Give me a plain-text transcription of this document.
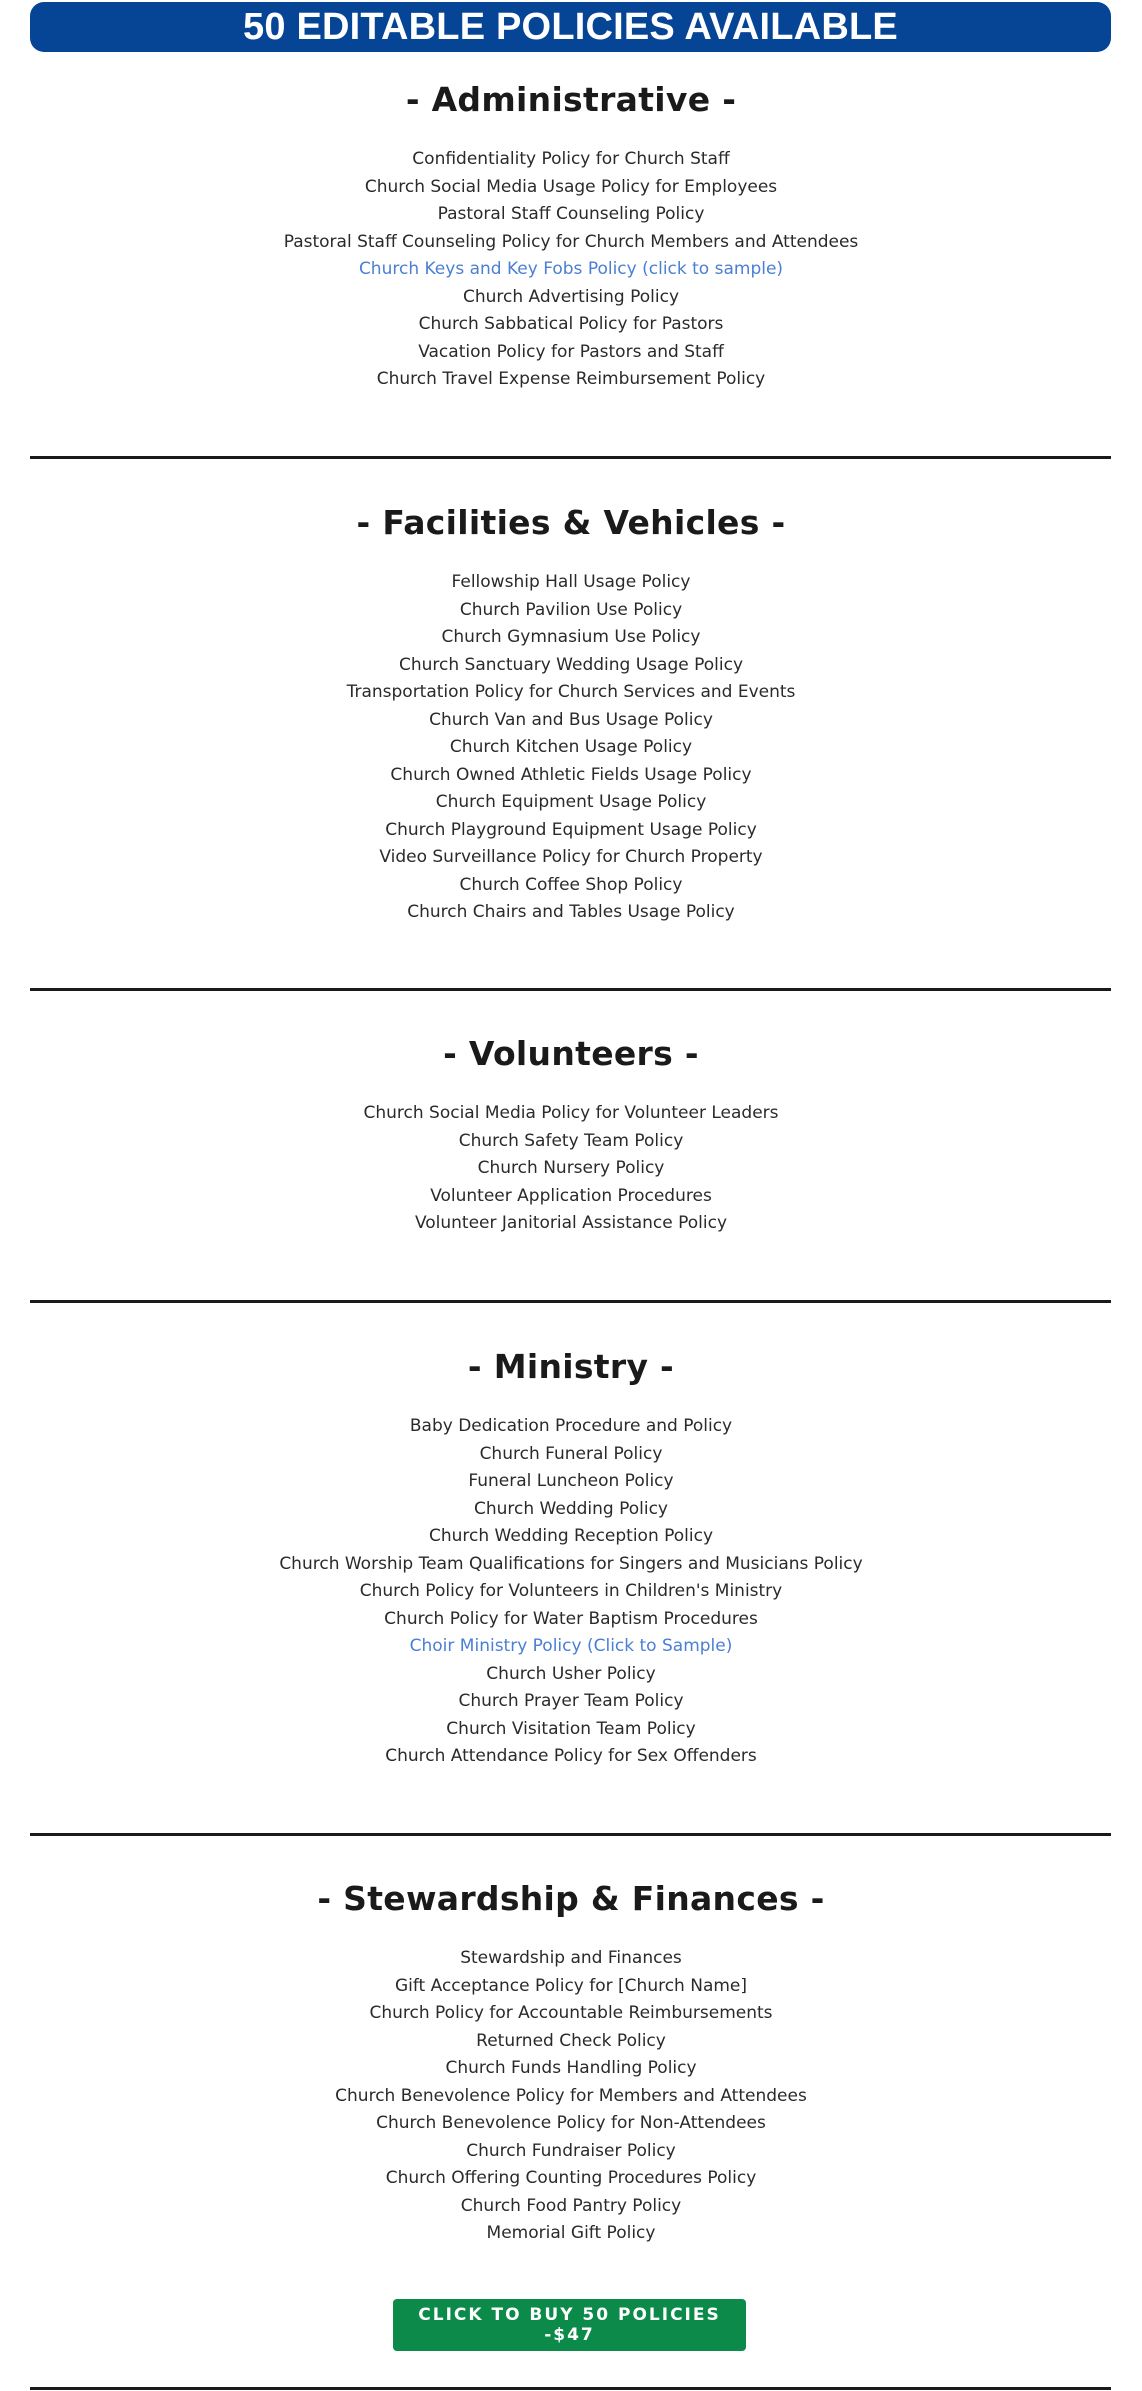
50 EDITABLE POLICIES AVAILABLE
- Administrative -
Confidentiality Policy for Church Staff
Church Social Media Usage Policy for Employees
Pastoral Staff Counseling Policy
Pastoral Staff Counseling Policy for Church Members and Attendees
Church Keys and Key Fobs Policy (click to sample)
Church Advertising Policy
Church Sabbatical Policy for Pastors
Vacation Policy for Pastors and Staff
Church Travel Expense Reimbursement Policy
- Facilities & Vehicles -
Fellowship Hall Usage Policy
Church Pavilion Use Policy
Church Gymnasium Use Policy
Church Sanctuary Wedding Usage Policy
Transportation Policy for Church Services and Events
Church Van and Bus Usage Policy
Church Kitchen Usage Policy
Church Owned Athletic Fields Usage Policy
Church Equipment Usage Policy
Church Playground Equipment Usage Policy
Video Surveillance Policy for Church Property
Church Coffee Shop Policy
Church Chairs and Tables Usage Policy
- Volunteers -
Church Social Media Policy for Volunteer Leaders
Church Safety Team Policy
Church Nursery Policy
Volunteer Application Procedures
Volunteer Janitorial Assistance Policy
- Ministry -
Baby Dedication Procedure and Policy
Church Funeral Policy
Funeral Luncheon Policy
Church Wedding Policy
Church Wedding Reception Policy
Church Worship Team Qualifications for Singers and Musicians Policy
Church Policy for Volunteers in Children's Ministry
Church Policy for Water Baptism Procedures
Choir Ministry Policy (Click to Sample)
Church Usher Policy
Church Prayer Team Policy
Church Visitation Team Policy
Church Attendance Policy for Sex Offenders
- Stewardship & Finances -
Stewardship and Finances
Gift Acceptance Policy for [Church Name]
Church Policy for Accountable Reimbursements
Returned Check Policy
Church Funds Handling Policy
Church Benevolence Policy for Members and Attendees
Church Benevolence Policy for Non-Attendees
Church Fundraiser Policy
Church Offering Counting Procedures Policy
Church Food Pantry Policy
Memorial Gift Policy
CLICK TO BUY 50 POLICIES -$47
